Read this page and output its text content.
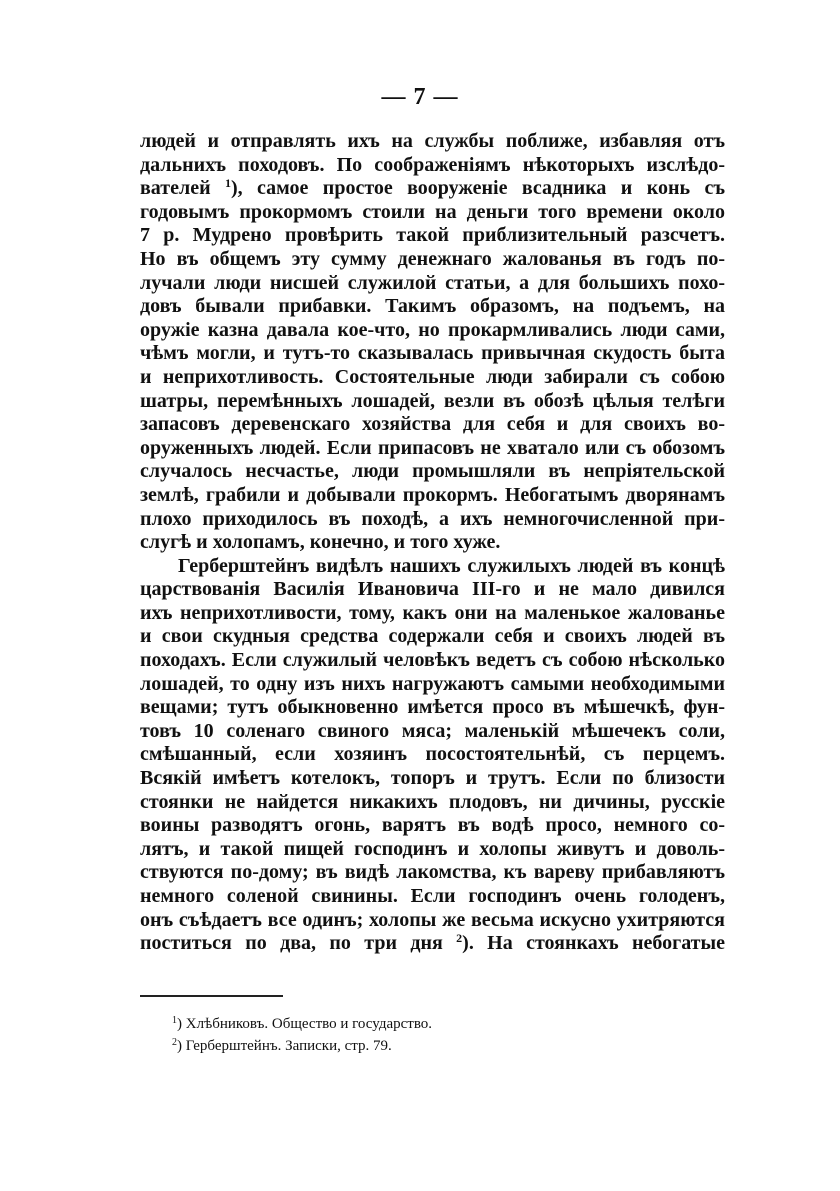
— 7 —
людей и отправлять ихъ на службы поближе, избавляя отъ
дальнихъ походовъ. По соображеніямъ нѣкоторыхъ изслѣдо-
вателей $^1$), самое простое вооруженіе всадника и конь съ
годовымъ прокормомъ стоили на деньги того времени около
7 р. Мудрено провѣрить такой приблизительный разсчетъ.
Но въ общемъ эту сумму денежнаго жалованья въ годъ по-
лучали люди нисшей служилой статьи, а для большихъ похо-
довъ бывали прибавки. Такимъ образомъ, на подъемъ, на
оружіе казна давала кое-что, но прокармливались люди сами,
чѣмъ могли, и тутъ-то сказывалась привычная скудость быта
и неприхотливость. Состоятельные люди забирали съ собою
шатры, перемѣнныхъ лошадей, везли въ обозѣ цѣлыя телѣги
запасовъ деревенскаго хозяйства для себя и для своихъ во-
оруженныхъ людей. Если припасовъ не хватало или съ обозомъ
случалось несчастье, люди промышляли въ непріятельской
землѣ, грабили и добывали прокормъ. Небогатымъ дворянамъ
плохо приходилось въ походѣ, а ихъ немногочисленной при-
слугѣ и холопамъ, конечно, и того хуже.
Герберштейнъ видѣлъ нашихъ служилыхъ людей въ концѣ
царствованія Василія Ивановича III-го и не мало дивился
ихъ неприхотливости, тому, какъ они на маленькое жалованье
и свои скудныя средства содержали себя и своихъ людей въ
походахъ. Если служилый человѣкъ ведетъ съ собою нѣсколько
лошадей, то одну изъ нихъ нагружаютъ самыми необходимыми
вещами; тутъ обыкновенно имѣется просо въ мѣшечкѣ, фун-
товъ 10 соленаго свиного мяса; маленькій мѣшечекъ соли,
смѣшанный, если хозяинъ посостоятельнѣй, съ перцемъ.
Всякій имѣетъ котелокъ, топоръ и трутъ. Если по близости
стоянки не найдется никакихъ плодовъ, ни дичины, русскіе
воины разводятъ огонь, варятъ въ водѣ просо, немного со-
лятъ, и такой пищей господинъ и холопы живутъ и доволь-
ствуются по-дому; въ видѣ лакомства, къ вареву прибавляютъ
немного соленой свинины. Если господинъ очень голоденъ,
онъ съѣдаетъ все одинъ; холопы же весьма искусно ухитряются
поститься по два, по три дня $^2$). На стоянкахъ небогатые
$^1$) Хлѣбниковъ. Общество и государство.
$^2$) Герберштейнъ. Записки, стр. 79.
